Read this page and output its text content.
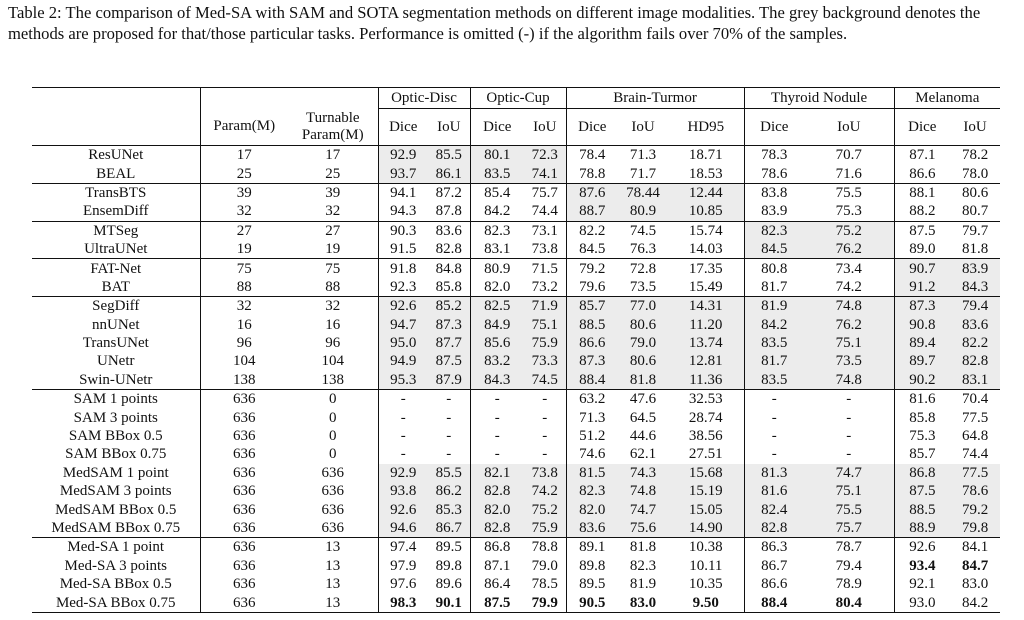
Table 2: The comparison of Med-SA with SAM and SOTA segmentation methods on different image modalities. The grey background denotes the methods are proposed for that/those particular tasks. Performance is omitted (-) if the algorithm fails over 70% of the samples.
			Optic-Disc		Optic-Cup		Brain-Turmor			Thyroid Nodule		Melanoma	
	Param(M)	Turnable
Param(M)	Dice	IoU	Dice	IoU	Dice	IoU	HD95	Dice	IoU	Dice	IoU
ResUNet	17	17	92.9	85.5	80.1	72.3	78.4	71.3	18.71	78.3	70.7	87.1	78.2
BEAL	25	25	93.7	86.1	83.5	74.1	78.8	71.7	18.53	78.6	71.6	86.6	78.0
TransBTS	39	39	94.1	87.2	85.4	75.7	87.6	78.44	12.44	83.8	75.5	88.1	80.6
EnsemDiff	32	32	94.3	87.8	84.2	74.4	88.7	80.9	10.85	83.9	75.3	88.2	80.7
MTSeg	27	27	90.3	83.6	82.3	73.1	82.2	74.5	15.74	82.3	75.2	87.5	79.7
UltraUNet	19	19	91.5	82.8	83.1	73.8	84.5	76.3	14.03	84.5	76.2	89.0	81.8
FAT-Net	75	75	91.8	84.8	80.9	71.5	79.2	72.8	17.35	80.8	73.4	90.7	83.9
BAT	88	88	92.3	85.8	82.0	73.2	79.6	73.5	15.49	81.7	74.2	91.2	84.3
SegDiff	32	32	92.6	85.2	82.5	71.9	85.7	77.0	14.31	81.9	74.8	87.3	79.4
nnUNet	16	16	94.7	87.3	84.9	75.1	88.5	80.6	11.20	84.2	76.2	90.8	83.6
TransUNet	96	96	95.0	87.7	85.6	75.9	86.6	79.0	13.74	83.5	75.1	89.4	82.2
UNetr	104	104	94.9	87.5	83.2	73.3	87.3	80.6	12.81	81.7	73.5	89.7	82.8
Swin-UNetr	138	138	95.3	87.9	84.3	74.5	88.4	81.8	11.36	83.5	74.8	90.2	83.1
SAM 1 points	636	0	-	-	-	-	63.2	47.6	32.53	-	-	81.6	70.4
SAM 3 points	636	0	-	-	-	-	71.3	64.5	28.74	-	-	85.8	77.5
SAM BBox 0.5	636	0	-	-	-	-	51.2	44.6	38.56	-	-	75.3	64.8
SAM BBox 0.75	636	0	-	-	-	-	74.6	62.1	27.51	-	-	85.7	74.4
MedSAM 1 point	636	636	92.9	85.5	82.1	73.8	81.5	74.3	15.68	81.3	74.7	86.8	77.5
MedSAM 3 points	636	636	93.8	86.2	82.8	74.2	82.3	74.8	15.19	81.6	75.1	87.5	78.6
MedSAM BBox 0.5	636	636	92.6	85.3	82.0	75.2	82.0	74.7	15.05	82.4	75.5	88.5	79.2
MedSAM BBox 0.75	636	636	94.6	86.7	82.8	75.9	83.6	75.6	14.90	82.8	75.7	88.9	79.8
Med-SA 1 point	636	13	97.4	89.5	86.8	78.8	89.1	81.8	10.38	86.3	78.7	92.6	84.1
Med-SA 3 points	636	13	97.9	89.8	87.1	79.0	89.8	82.3	10.11	86.7	79.4	93.4	84.7
Med-SA BBox 0.5	636	13	97.6	89.6	86.4	78.5	89.5	81.9	10.35	86.6	78.9	92.1	83.0
Med-SA BBox 0.75	636	13	98.3	90.1	87.5	79.9	90.5	83.0	9.50	88.4	80.4	93.0	84.2
